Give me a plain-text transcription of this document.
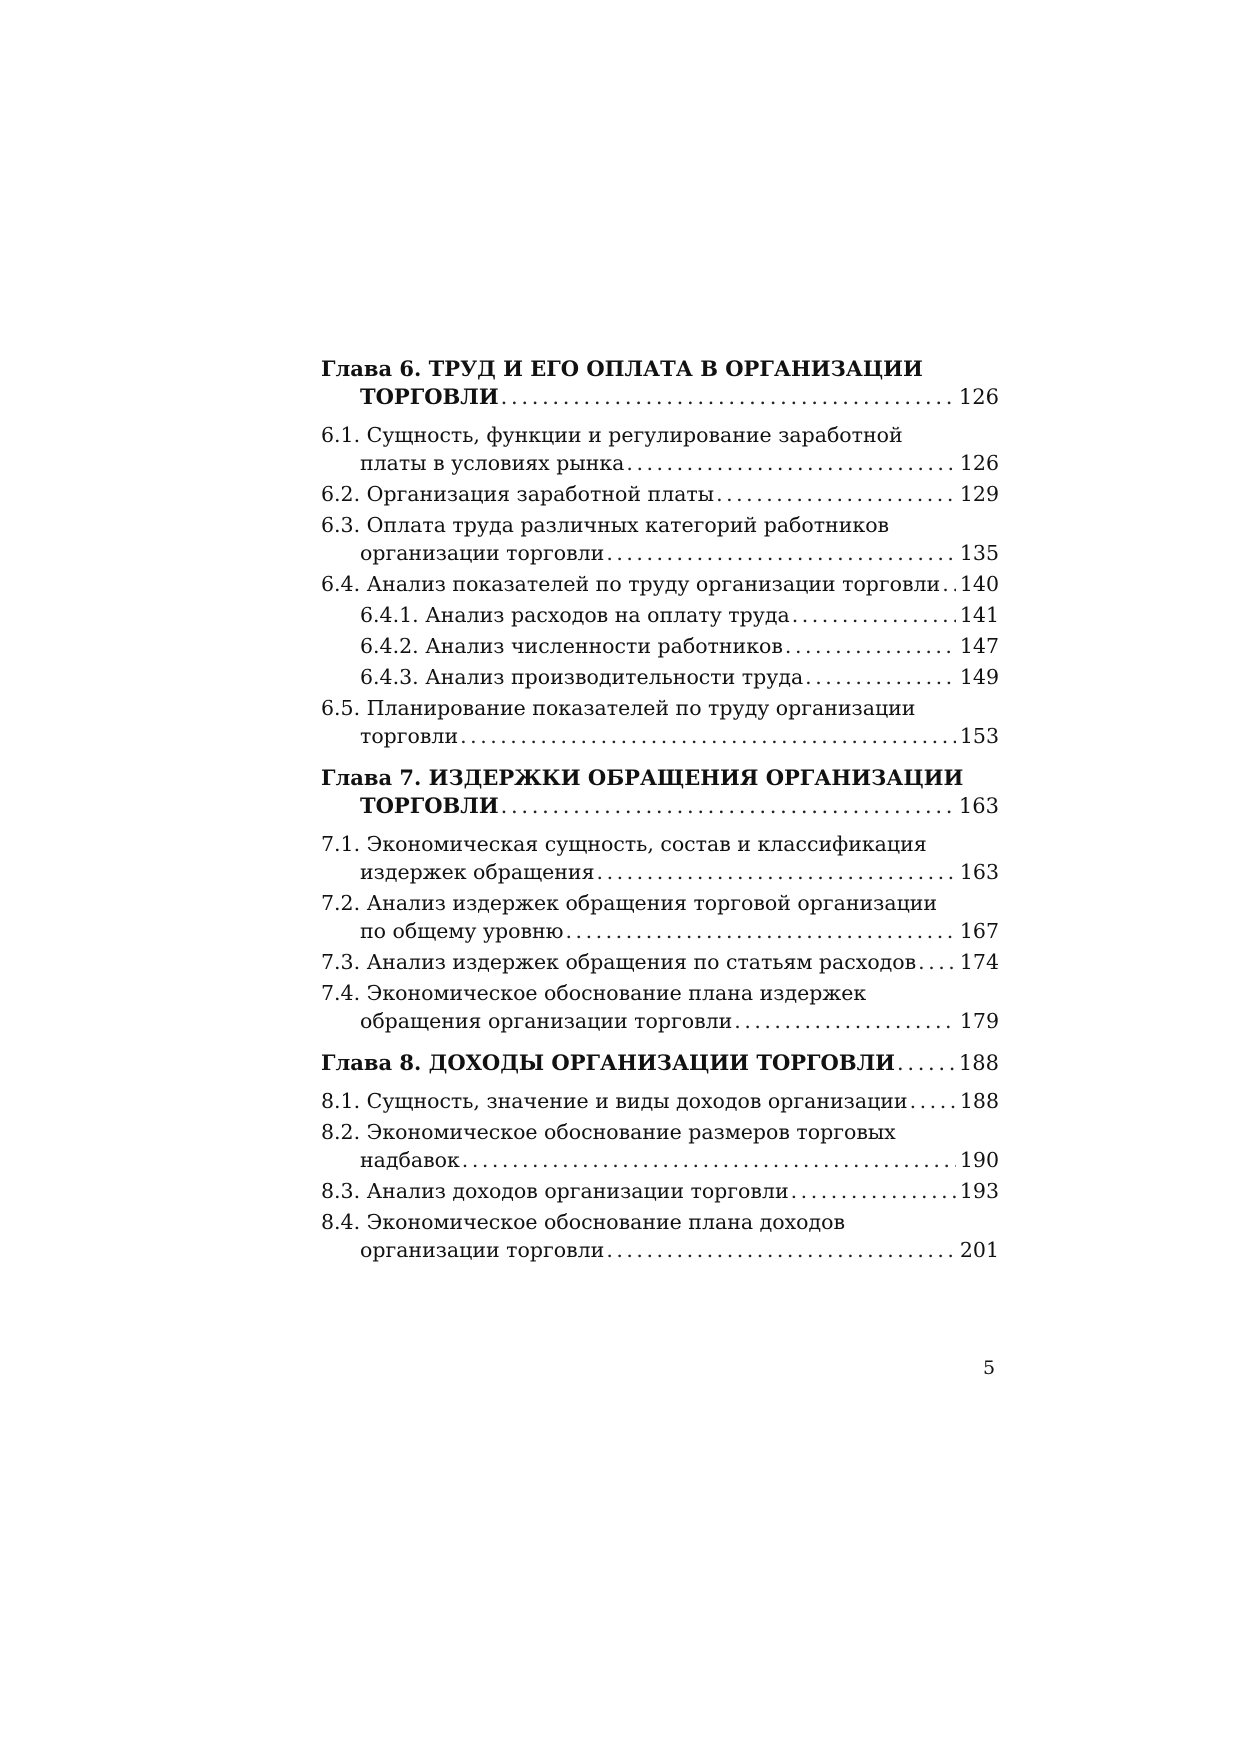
Глава 6. ТРУД И ЕГО ОПЛАТА В ОРГАНИЗАЦИИ
ТОРГОВЛИ . . .	126
6.1. Сущность, функции и регулирование заработной
платы в условиях рынка . . .	126
6.2. Организация заработной платы . . .	129
6.3. Оплата труда различных категорий работников
организации торговли . . .	135
6.4. Анализ показателей по труду организации торговли . . . 140
6.4.1. Анализ расходов на оплату труда . . .	141
6.4.2. Анализ численности работников . . .	147
6.4.3. Анализ производительности труда . . .	149
6.5. Планирование показателей по труду организации
торговли . . .	153
Глава 7. ИЗДЕРЖКИ ОБРАЩЕНИЯ ОРГАНИЗАЦИИ
ТОРГОВЛИ . . .	163
7.1. Экономическая сущность, состав и классификация
издержек обращения . . .	163
7.2. Анализ издержек обращения торговой организации
по общему уровню . . .	167
7.3. Анализ издержек обращения по статьям расходов . . . 174
7.4. Экономическое обоснование плана издержек
обращения организации торговли . . .	179
Глава 8. ДОХОДЫ ОРГАНИЗАЦИИ ТОРГОВЛИ . . .	188
8.1. Сущность, значение и виды доходов организации . . .	188
8.2. Экономическое обоснование размеров торговых
надбавок . . .	190
8.3. Анализ доходов организации торговли . . .	193
8.4. Экономическое обоснование плана доходов
организации торговли . . .	201
5
